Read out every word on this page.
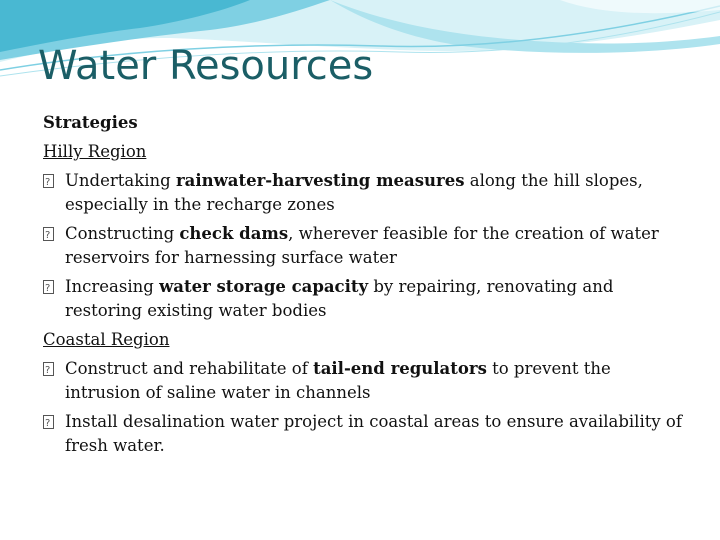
Water Resources
Strategies
Hilly Region
?Undertaking rainwater-harvesting measures along the hill slopes, especially in the recharge zones
?Constructing check dams, wherever feasible for the creation of water reservoirs for harnessing surface water
?Increasing water storage capacity by repairing, renovating and restoring existing water bodies
Coastal Region
?Construct and rehabilitate of tail-end regulators to prevent the intrusion of saline water in channels
?Install desalination water project in coastal areas to ensure availability of fresh water.
